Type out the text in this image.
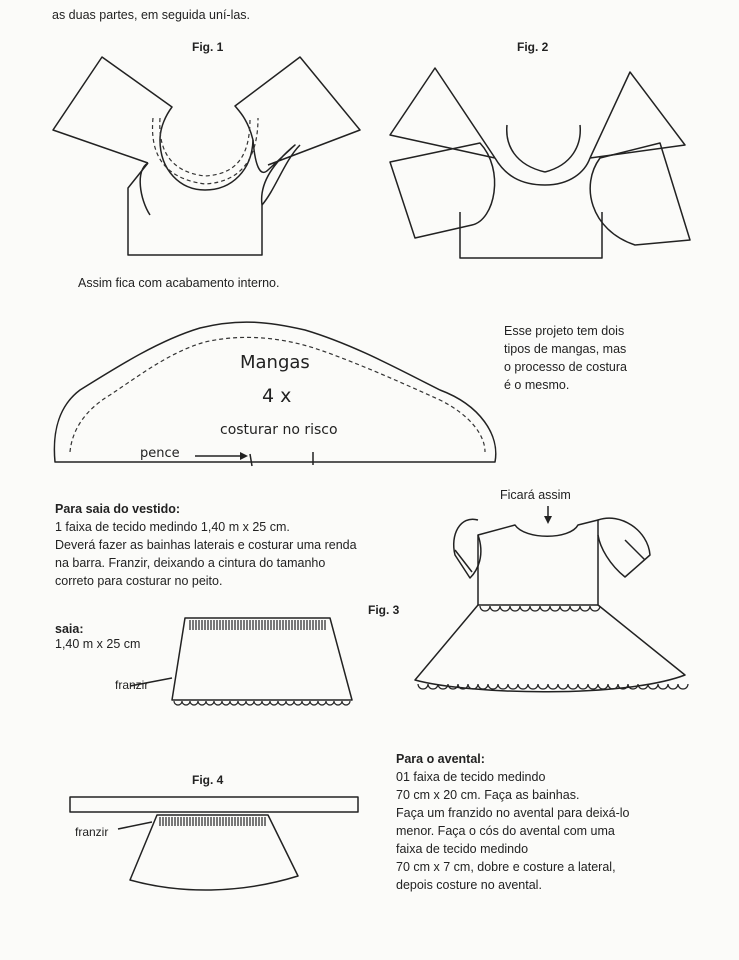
as duas partes, em seguida uní-las.
Fig. 1	Fig. 2
Assim fica com acabamento interno.
Mangas
4 x
costurar no risco
pence
Esse projeto tem dois
tipos de mangas, mas
o processo de costura
é o mesmo.
Para saia do vestido:
1 faixa de tecido medindo 1,40 m x 25 cm.
Deverá fazer as bainhas laterais e costurar uma renda
na barra. Franzir, deixando a cintura do tamanho
correto para costurar no peito.
Ficará assim
Fig. 3
saia:
1,40 m x 25 cm
franzir
Fig. 4
franzir
Para o avental:
01 faixa de tecido medindo
70 cm x 20 cm. Faça as bainhas.
Faça um franzido no avental para deixá-lo
menor. Faça o cós do avental com uma
faixa de tecido medindo
70 cm x 7 cm, dobre e costure a lateral,
depois costure no avental.
